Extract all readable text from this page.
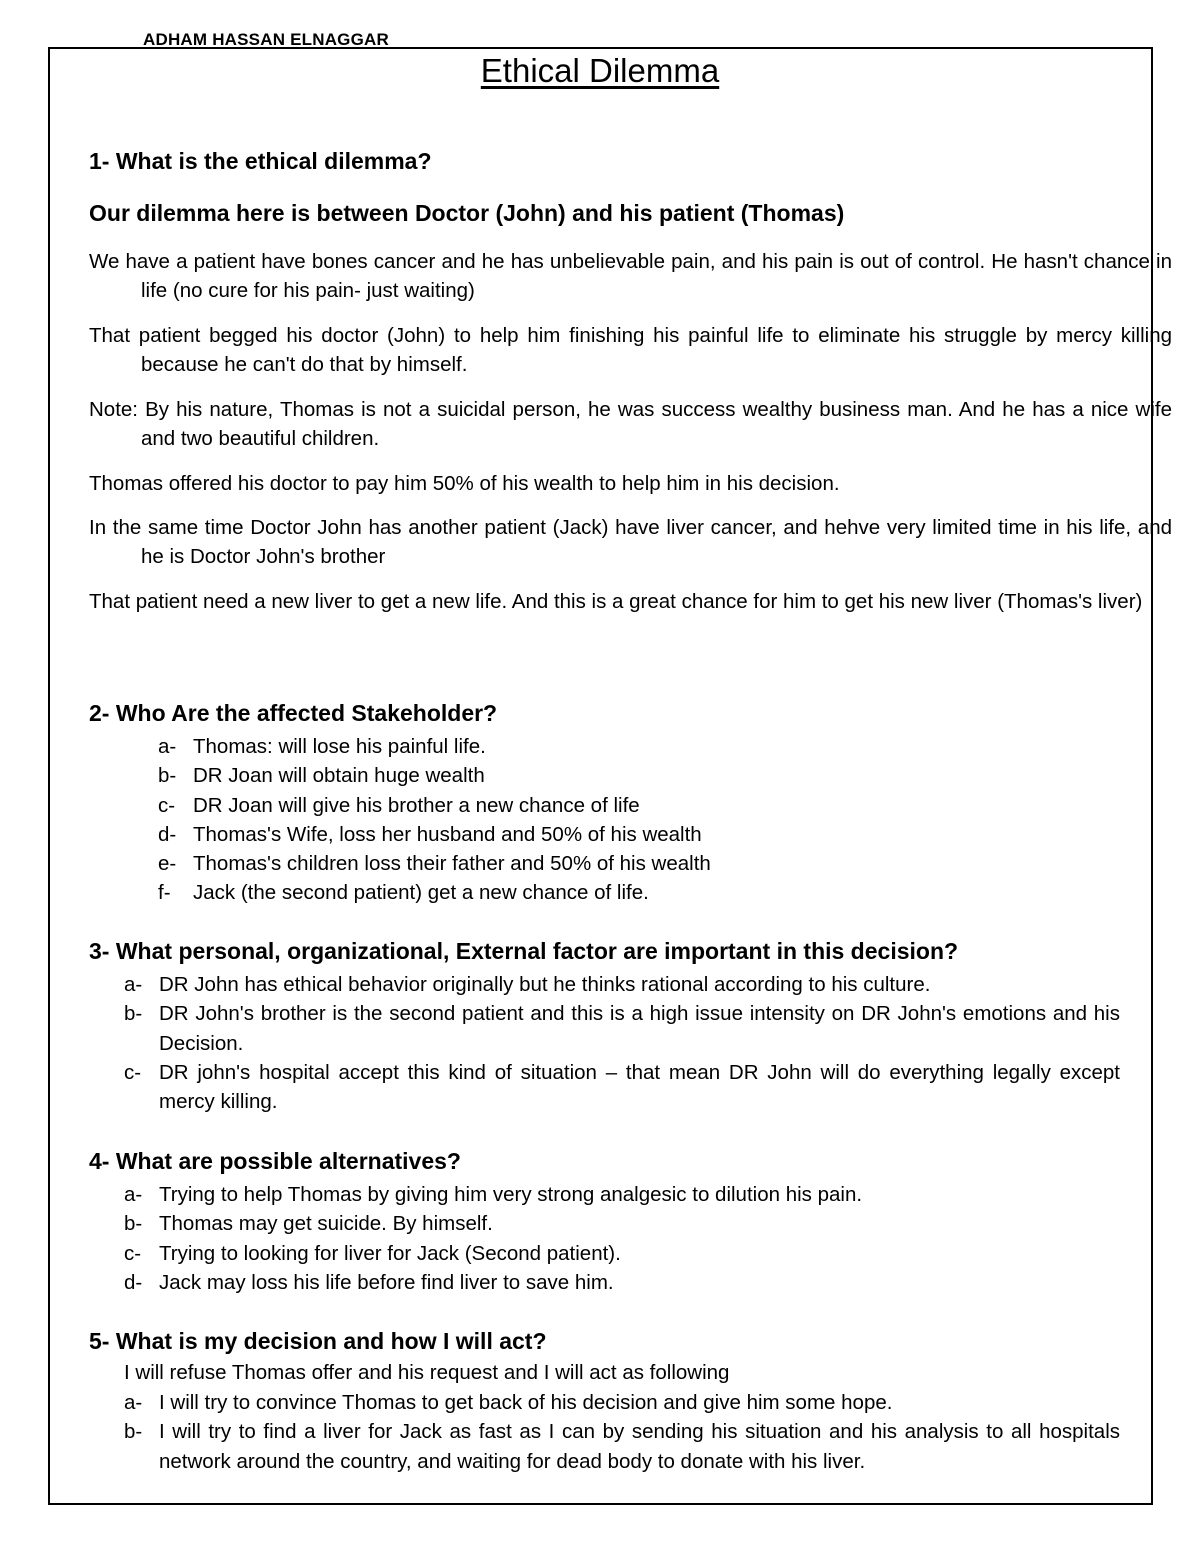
ADHAM HASSAN ELNAGGAR
Ethical Dilemma
1- What is the ethical dilemma?
Our dilemma here is between Doctor (John) and his patient (Thomas)
We have a patient have bones cancer and he has unbelievable pain, and his pain is out of control. He hasn't chance in life (no cure for his pain- just waiting)
That patient begged his doctor (John) to help him finishing his painful life to eliminate his struggle by mercy killing because he can't do that by himself.
Note: By his nature, Thomas is not a suicidal person, he was success wealthy business man. And he has a nice wife and two beautiful children.
Thomas offered his doctor to pay him 50% of his wealth to help him in his decision.
In the same time Doctor John has another patient (Jack) have liver cancer, and hehve very limited time in his life, and he is Doctor John's brother
That patient need a new liver to get a new life. And this is a great chance for him to get his new liver (Thomas's liver)
2- Who Are the affected Stakeholder?
a- Thomas: will lose his painful life.
b- DR Joan will obtain huge wealth
c- DR Joan will give his brother a new chance of life
d- Thomas's Wife, loss her husband and 50% of his wealth
e- Thomas's children loss their father and 50% of his wealth
f- Jack (the second patient) get a new chance of life.
3- What personal, organizational, External factor are important in this decision?
a- DR John has ethical behavior originally but he thinks rational according to his culture.
b- DR John's brother is the second patient and this is a high issue intensity on DR John's emotions and his Decision.
c- DR john's hospital accept this kind of situation – that mean DR John will do everything legally except mercy killing.
4- What are possible alternatives?
a- Trying to help Thomas by giving him very strong analgesic to dilution his pain.
b- Thomas may get suicide. By himself.
c- Trying to looking for liver for Jack (Second patient).
d- Jack may loss his life before find liver to save him.
5- What is my decision and how I will act?
I will refuse Thomas offer and his request and I will act as following
a- I will try to convince Thomas to get back of his decision and give him some hope.
b- I will try to find a liver for Jack as fast as I can by sending his situation and his analysis to all hospitals network around the country, and waiting for dead body to donate with his liver.
